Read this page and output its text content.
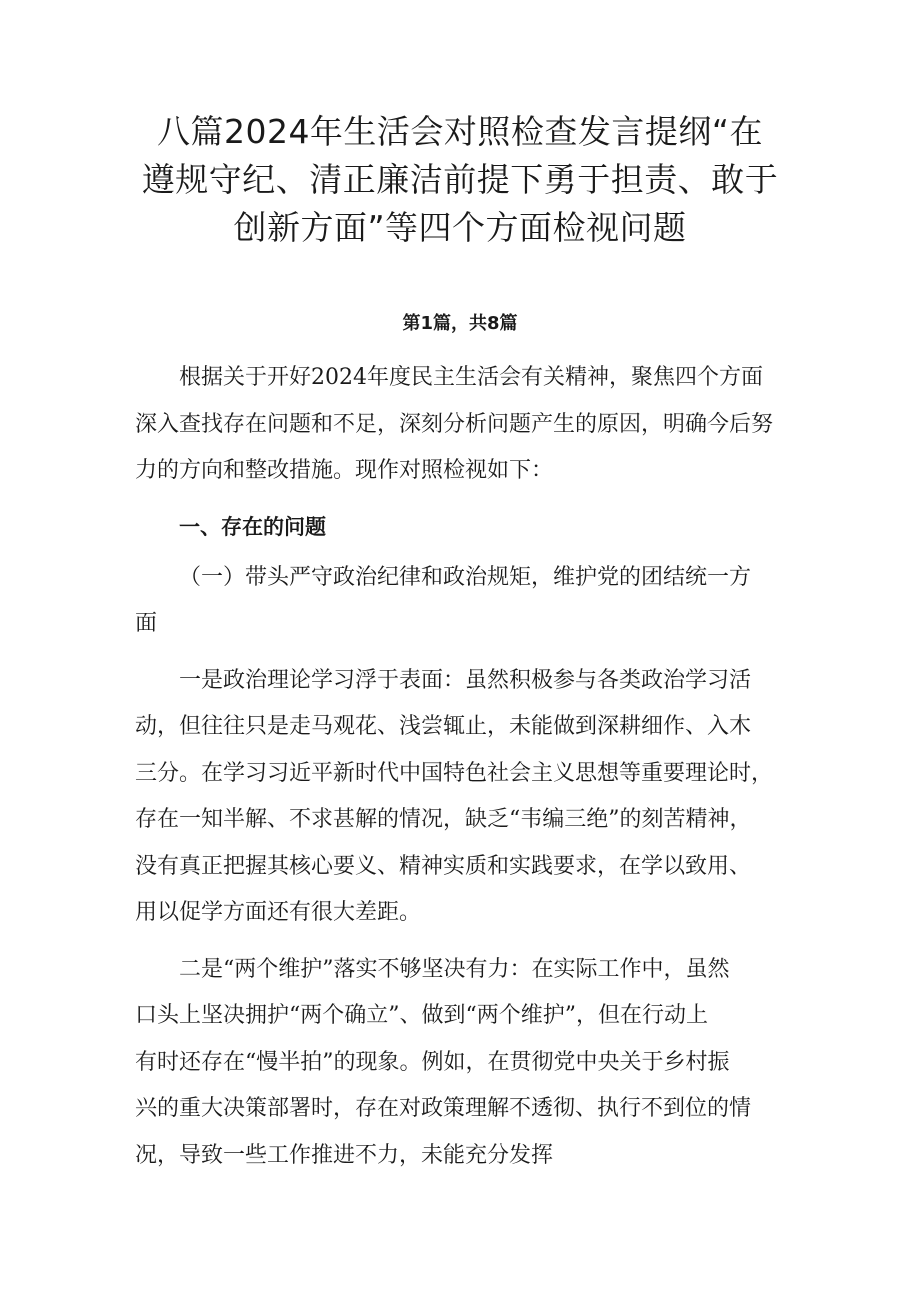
八篇2024年生活会对照检查发言提纲“在
遵规守纪、清正廉洁前提下勇于担责、敢于
创新方面”等四个方面检视问题

第1篇，共8篇

根据关于开好2024年度民主生活会有关精神，聚焦四个方面
深入查找存在问题和不足，深刻分析问题产生的原因，明确今后努
力的方向和整改措施。现作对照检视如下：

一、存在的问题

（一）带头严守政治纪律和政治规矩，维护党的团结统一方
面

一是政治理论学习浮于表面：虽然积极参与各类政治学习活
动，但往往只是走马观花、浅尝辄止，未能做到深耕细作、入木
三分。在学习习近平新时代中国特色社会主义思想等重要理论时，
存在一知半解、不求甚解的情况，缺乏“韦编三绝”的刻苦精神，
没有真正把握其核心要义、精神实质和实践要求，在学以致用、
用以促学方面还有很大差距。

二是“两个维护”落实不够坚决有力：在实际工作中，虽然
口头上坚决拥护“两个确立”、做到“两个维护”，但在行动上
有时还存在“慢半拍”的现象。例如，在贯彻党中央关于乡村振
兴的重大决策部署时，存在对政策理解不透彻、执行不到位的情
况，导致一些工作推进不力，未能充分发挥
